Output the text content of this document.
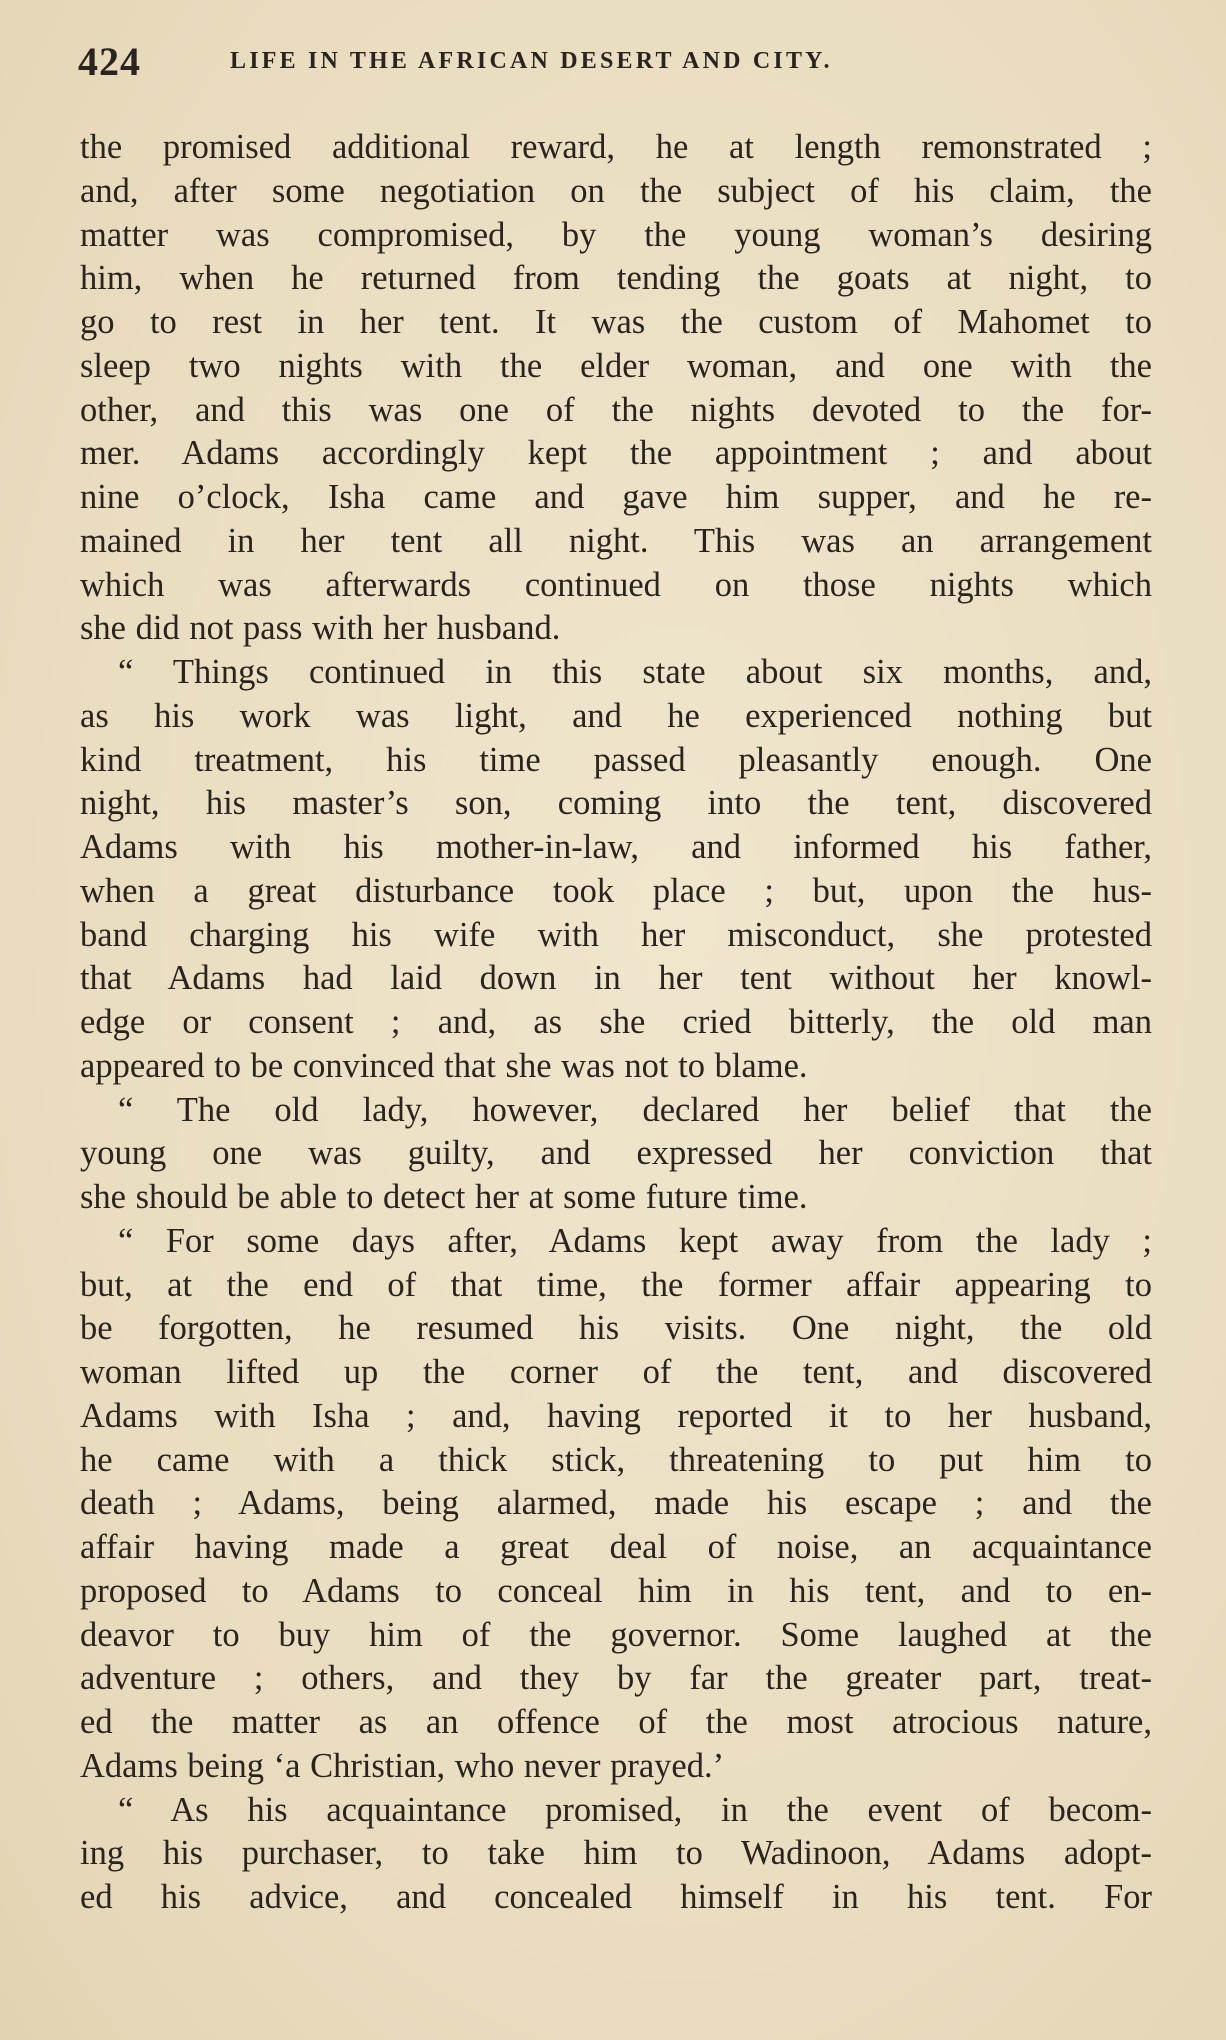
424	LIFE IN THE AFRICAN DESERT AND CITY.
the promised additional reward, he at length remonstrated ;
and, after some negotiation on the subject of his claim, the
matter was compromised, by the young woman’s desiring
him, when he returned from tending the goats at night, to
go to rest in her tent. It was the custom of Mahomet to
sleep two nights with the elder woman, and one with the
other, and this was one of the nights devoted to the for-
mer. Adams accordingly kept the appointment ; and about
nine o’clock, Isha came and gave him supper, and he re-
mained in her tent all night. This was an arrangement
which was afterwards continued on those nights which
she did not pass with her husband.
“ Things continued in this state about six months, and,
as his work was light, and he experienced nothing but
kind treatment, his time passed pleasantly enough. One
night, his master’s son, coming into the tent, discovered
Adams with his mother-in-law, and informed his father,
when a great disturbance took place ; but, upon the hus-
band charging his wife with her misconduct, she protested
that Adams had laid down in her tent without her knowl-
edge or consent ; and, as she cried bitterly, the old man
appeared to be convinced that she was not to blame.
“ The old lady, however, declared her belief that the
young one was guilty, and expressed her conviction that
she should be able to detect her at some future time.
“ For some days after, Adams kept away from the lady ;
but, at the end of that time, the former affair appearing to
be forgotten, he resumed his visits. One night, the old
woman lifted up the corner of the tent, and discovered
Adams with Isha ; and, having reported it to her husband,
he came with a thick stick, threatening to put him to
death ; Adams, being alarmed, made his escape ; and the
affair having made a great deal of noise, an acquaintance
proposed to Adams to conceal him in his tent, and to en-
deavor to buy him of the governor. Some laughed at the
adventure ; others, and they by far the greater part, treat-
ed the matter as an offence of the most atrocious nature,
Adams being ‘a Christian, who never prayed.’
“ As his acquaintance promised, in the event of becom-
ing his purchaser, to take him to Wadinoon, Adams adopt-
ed his advice, and concealed himself in his tent. For
